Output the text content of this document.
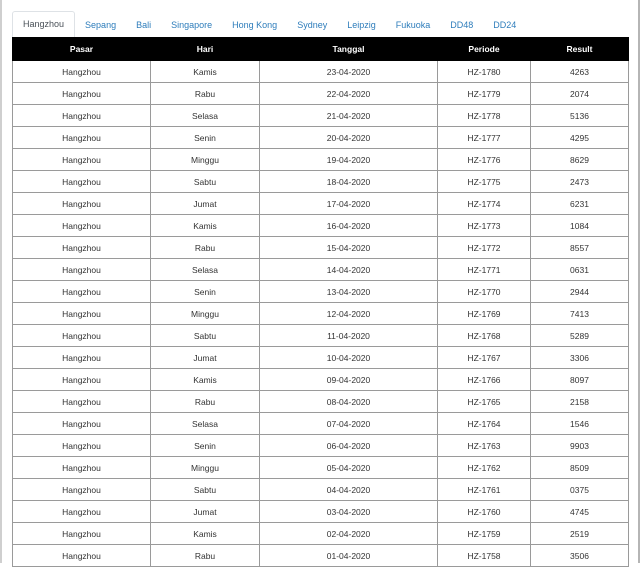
Hangzhou	Sepang	Bali	Singapore	Hong Kong	Sydney	Leipzig	Fukuoka	DD48	DD24
Pasar	Hari	Tanggal	Periode	Result
Hangzhou	Kamis	23-04-2020	HZ-1780	4263
Hangzhou	Rabu	22-04-2020	HZ-1779	2074
Hangzhou	Selasa	21-04-2020	HZ-1778	5136
Hangzhou	Senin	20-04-2020	HZ-1777	4295
Hangzhou	Minggu	19-04-2020	HZ-1776	8629
Hangzhou	Sabtu	18-04-2020	HZ-1775	2473
Hangzhou	Jumat	17-04-2020	HZ-1774	6231
Hangzhou	Kamis	16-04-2020	HZ-1773	1084
Hangzhou	Rabu	15-04-2020	HZ-1772	8557
Hangzhou	Selasa	14-04-2020	HZ-1771	0631
Hangzhou	Senin	13-04-2020	HZ-1770	2944
Hangzhou	Minggu	12-04-2020	HZ-1769	7413
Hangzhou	Sabtu	11-04-2020	HZ-1768	5289
Hangzhou	Jumat	10-04-2020	HZ-1767	3306
Hangzhou	Kamis	09-04-2020	HZ-1766	8097
Hangzhou	Rabu	08-04-2020	HZ-1765	2158
Hangzhou	Selasa	07-04-2020	HZ-1764	1546
Hangzhou	Senin	06-04-2020	HZ-1763	9903
Hangzhou	Minggu	05-04-2020	HZ-1762	8509
Hangzhou	Sabtu	04-04-2020	HZ-1761	0375
Hangzhou	Jumat	03-04-2020	HZ-1760	4745
Hangzhou	Kamis	02-04-2020	HZ-1759	2519
Hangzhou	Rabu	01-04-2020	HZ-1758	3506
